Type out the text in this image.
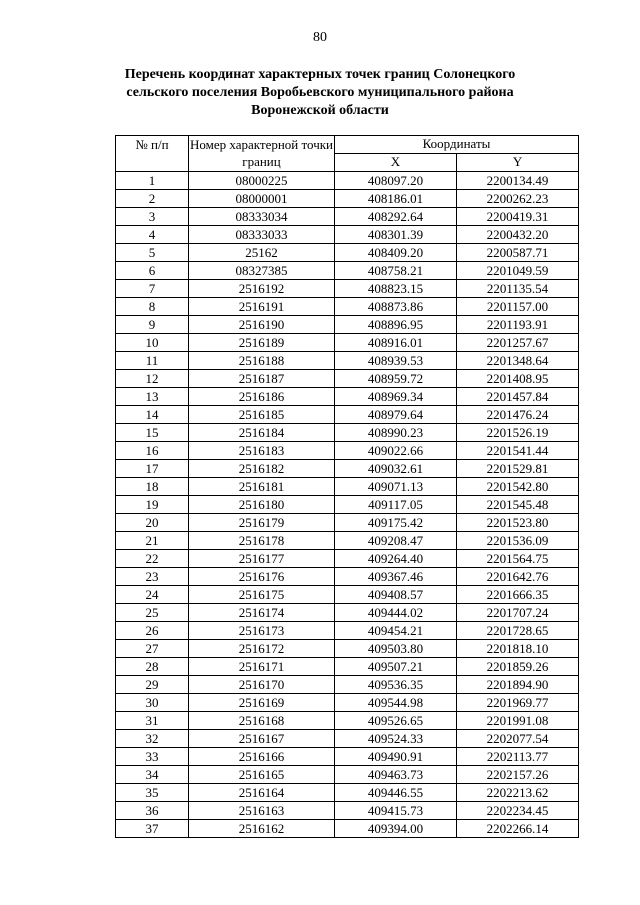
80
Перечень координат характерных точек границ Солонецкого
сельского поселения Воробьевского муниципального района
Воронежской области
№ п/п	Номер характерной точки границ	Координаты	
		X	Y
1	08000225	408097.20	2200134.49
2	08000001	408186.01	2200262.23
3	08333034	408292.64	2200419.31
4	08333033	408301.39	2200432.20
5	25162	408409.20	2200587.71
6	08327385	408758.21	2201049.59
7	2516192	408823.15	2201135.54
8	2516191	408873.86	2201157.00
9	2516190	408896.95	2201193.91
10	2516189	408916.01	2201257.67
11	2516188	408939.53	2201348.64
12	2516187	408959.72	2201408.95
13	2516186	408969.34	2201457.84
14	2516185	408979.64	2201476.24
15	2516184	408990.23	2201526.19
16	2516183	409022.66	2201541.44
17	2516182	409032.61	2201529.81
18	2516181	409071.13	2201542.80
19	2516180	409117.05	2201545.48
20	2516179	409175.42	2201523.80
21	2516178	409208.47	2201536.09
22	2516177	409264.40	2201564.75
23	2516176	409367.46	2201642.76
24	2516175	409408.57	2201666.35
25	2516174	409444.02	2201707.24
26	2516173	409454.21	2201728.65
27	2516172	409503.80	2201818.10
28	2516171	409507.21	2201859.26
29	2516170	409536.35	2201894.90
30	2516169	409544.98	2201969.77
31	2516168	409526.65	2201991.08
32	2516167	409524.33	2202077.54
33	2516166	409490.91	2202113.77
34	2516165	409463.73	2202157.26
35	2516164	409446.55	2202213.62
36	2516163	409415.73	2202234.45
37	2516162	409394.00	2202266.14
